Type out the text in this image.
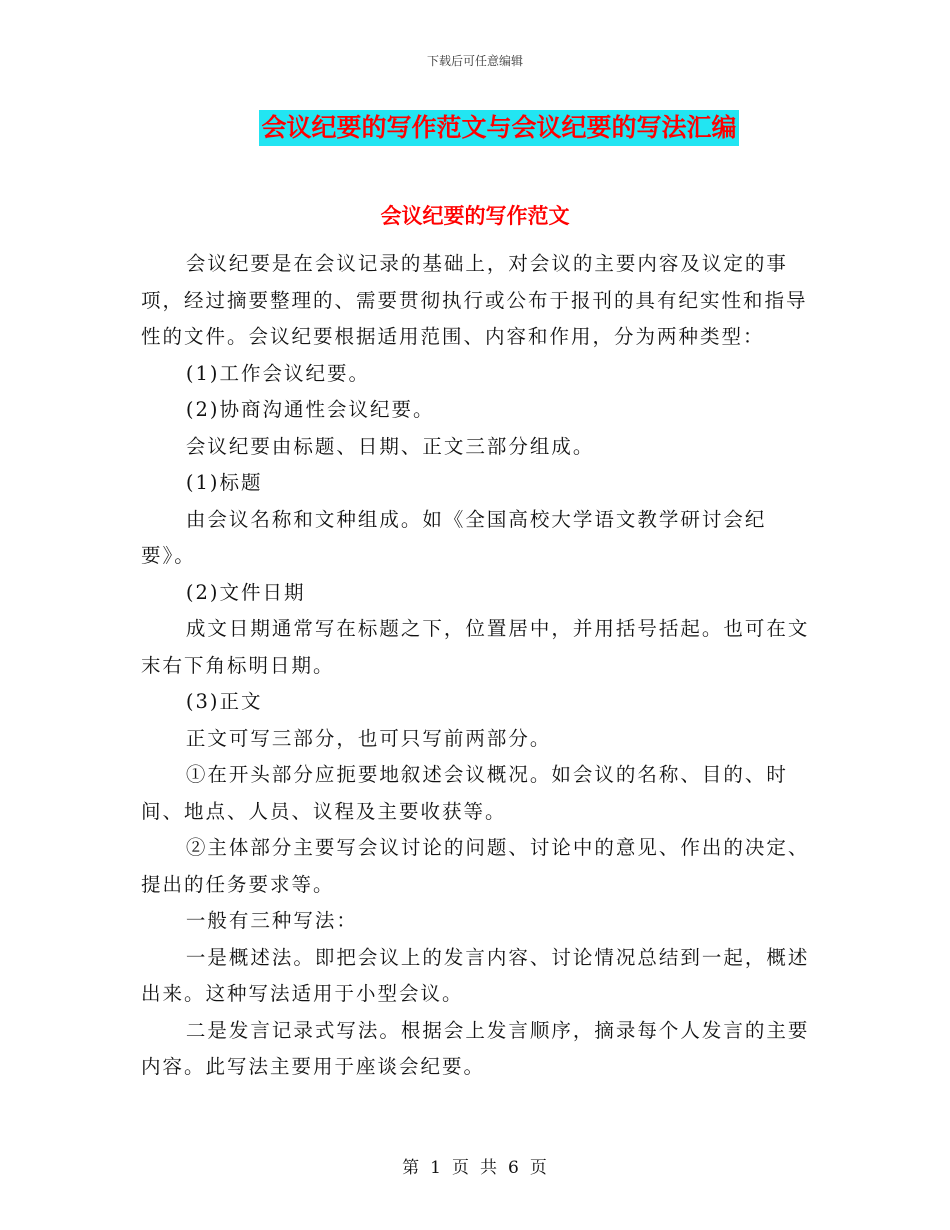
下载后可任意编辑
会议纪要的写作范文与会议纪要的写法汇编
会议纪要的写作范文

会议纪要是在会议记录的基础上，对会议的主要内容及议定的事项，经过摘要整理的、需要贯彻执行或公布于报刊的具有纪实性和指导性的文件。会议纪要根据适用范围、内容和作用，分为两种类型：

(1)工作会议纪要。

(2)协商沟通性会议纪要。

会议纪要由标题、日期、正文三部分组成。

(1)标题

由会议名称和文种组成。如《全国高校大学语文教学研讨会纪要》。

(2)文件日期

成文日期通常写在标题之下，位置居中，并用括号括起。也可在文末右下角标明日期。

(3)正文

正文可写三部分，也可只写前两部分。

①在开头部分应扼要地叙述会议概况。如会议的名称、目的、时间、地点、人员、议程及主要收获等。

②主体部分主要写会议讨论的问题、讨论中的意见、作出的决定、提出的任务要求等。

一般有三种写法：

一是概述法。即把会议上的发言内容、讨论情况总结到一起，概述出来。这种写法适用于小型会议。

二是发言记录式写法。根据会上发言顺序，摘录每个人发言的主要内容。此写法主要用于座谈会纪要。

第 1 页 共 6 页
